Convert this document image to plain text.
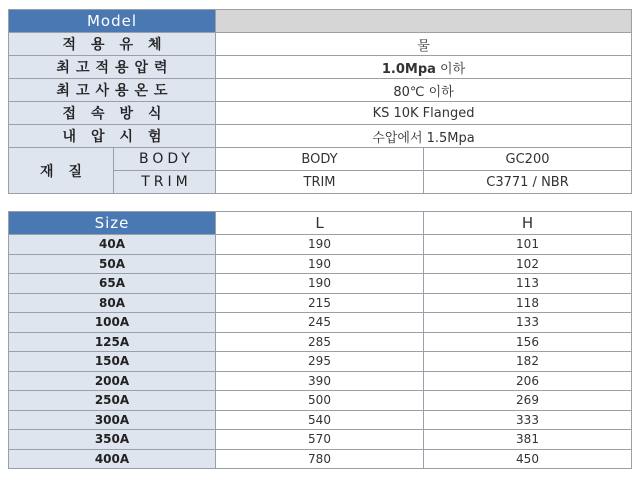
Model			
적용유체		물	
최고적용압력		1.0Mpa 이하	
최고사용온도		80℃ 이하	
접속방식		KS 10K Flanged	
내압시험		수압에서 1.5Mpa	
재질	BODY	BODY	GC200
	TRIM	TRIM	C3771 / NBR
Size	L	H
40A	190	101
50A	190	102
65A	190	113
80A	215	118
100A	245	133
125A	285	156
150A	295	182
200A	390	206
250A	500	269
300A	540	333
350A	570	381
400A	780	450
